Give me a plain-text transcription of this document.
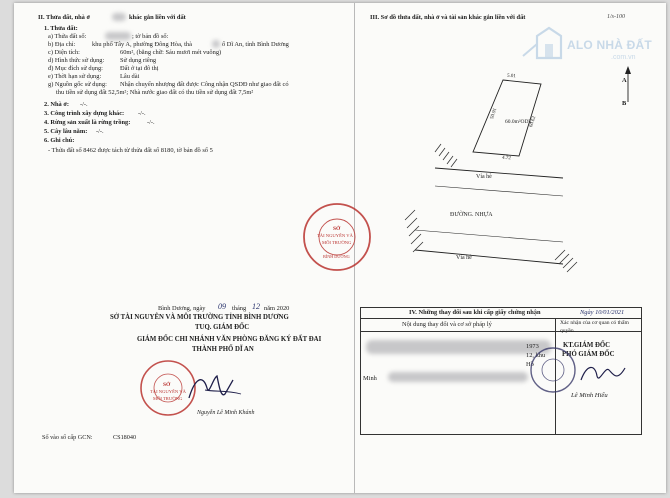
II. Thửa đất, nhà ở	khác gắn liền với đất
1. Thửa đất:
a) Thửa đất số:	; tờ bản đồ số:
b) Địa chỉ:	khu phố Tây A, phường Đông Hòa, thà	ố Dĩ An, tỉnh Bình Dương
c) Diện tích:	60m², (bằng chữ: Sáu mươi mét vuông)
d) Hình thức sử dụng: Sử dụng riêng
đ) Mục đích sử dụng:	Đất ở tại đô thị
e) Thời hạn sử dụng:	Lâu dài
g) Nguồn gốc sử dụng: Nhận chuyển nhượng đất được Công nhận QSDĐ như giao đất có
thu tiền sử dụng đất 52,5m²; Nhà nước giao đất có thu tiền sử dụng đất 7,5m²
2. Nhà ở: -/-.
3. Công trình xây dựng khác: -/-.
4. Rừng sản xuất là rừng trồng:	-/-.
5. Cây lâu năm: -/-.
6. Ghi chú:
- Thửa đất số 8462 được tách từ thửa đất số 8180, tờ bản đồ số 5
Bình Dương, ngày 09 tháng 12 năm 2020
SỞ TÀI NGUYÊN VÀ MÔI TRƯỜNG TỈNH BÌNH DƯƠNG
TUQ. GIÁM ĐỐC
GIÁM ĐỐC CHI NHÁNH VĂN PHÒNG ĐĂNG KÝ ĐẤT ĐAI
THÀNH PHỐ DĨ AN
SỞ
TÀI NGUYÊN VÀ
MÔI TRƯỜNG
Nguyễn Lê Minh Khánh
Số vào sổ cấp GCN:	CS18040
III. Sơ đồ thửa đất, nhà ở và tài sản khác gắn liền với đất	1/s-100
5.01
50.91
60.62
60.0m²ODT
4.72
Vỉa hè
ĐƯỜNG. NHỰA
Vỉa hè
A
B
SỞ
TÀI NGUYÊN VÀ
MÔI TRƯỜNG
BÌNH DƯƠNG
IV. Những thay đổi sau khi cấp giấy chứng nhận
Nội dung thay đổi và cơ sở pháp lý	Xác nhận của cơ quan có thẩm quyền
Minh
1973
12, khu
Hồ
Ngày 10/01/2021
KT.GIÁM ĐỐC
PHÓ GIÁM ĐỐC
Lê Minh Hiếu
ALO NHÀ ĐẤT
.com.vn
